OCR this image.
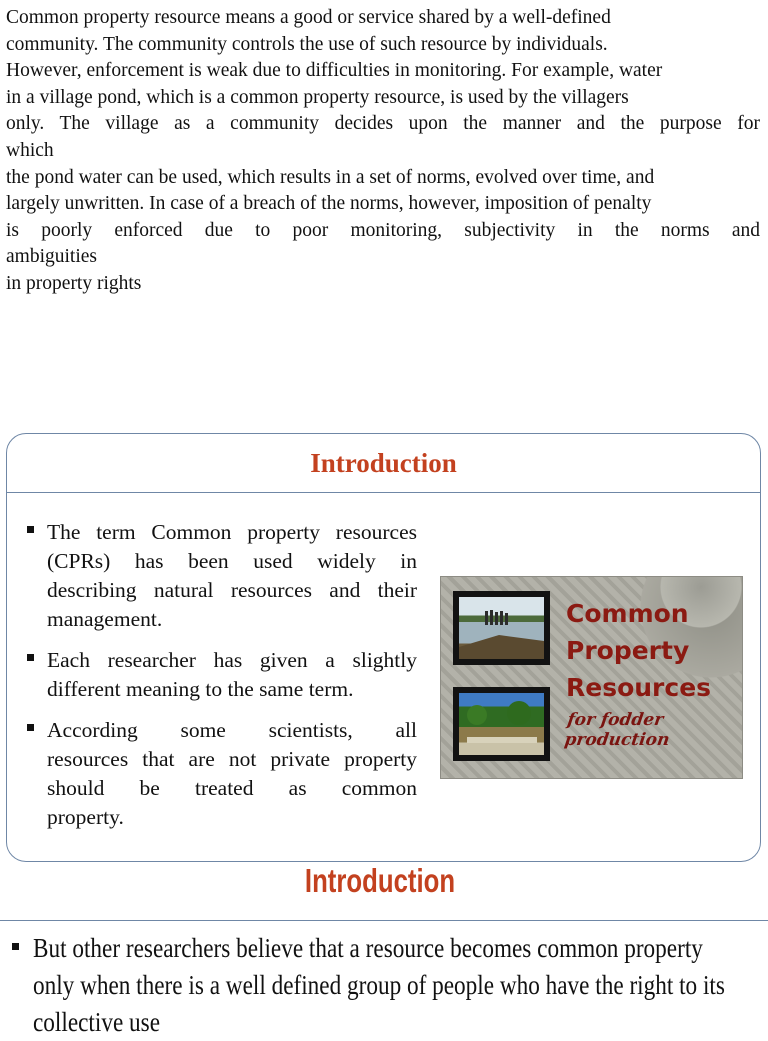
Common property resource means a good or service shared by a well-defined
community. The community controls the use of such resource by individuals.
However, enforcement is weak due to difficulties in monitoring. For example, water
in a village pond, which is a common property resource, is used by the villagers
only. The village as a community decides upon the manner and the purpose for
which
the pond water can be used, which results in a set of norms, evolved over time, and
largely unwritten. In case of a breach of the norms, however, imposition of penalty
is poorly enforced due to poor monitoring, subjectivity in the norms and
ambiguities
in property rights
Introduction
The term Common property resources
(CPRs) has been used widely in
describing natural resources and their
management.
Each researcher has given a slightly
different meaning to the same term.
According some scientists, all
resources that are not private property
should be treated as common
property.
Common
Property
Resources
for fodder production
Introduction
But other researchers believe that a resource becomes common property
only when there is a well defined group of people who have the right to its
collective use
